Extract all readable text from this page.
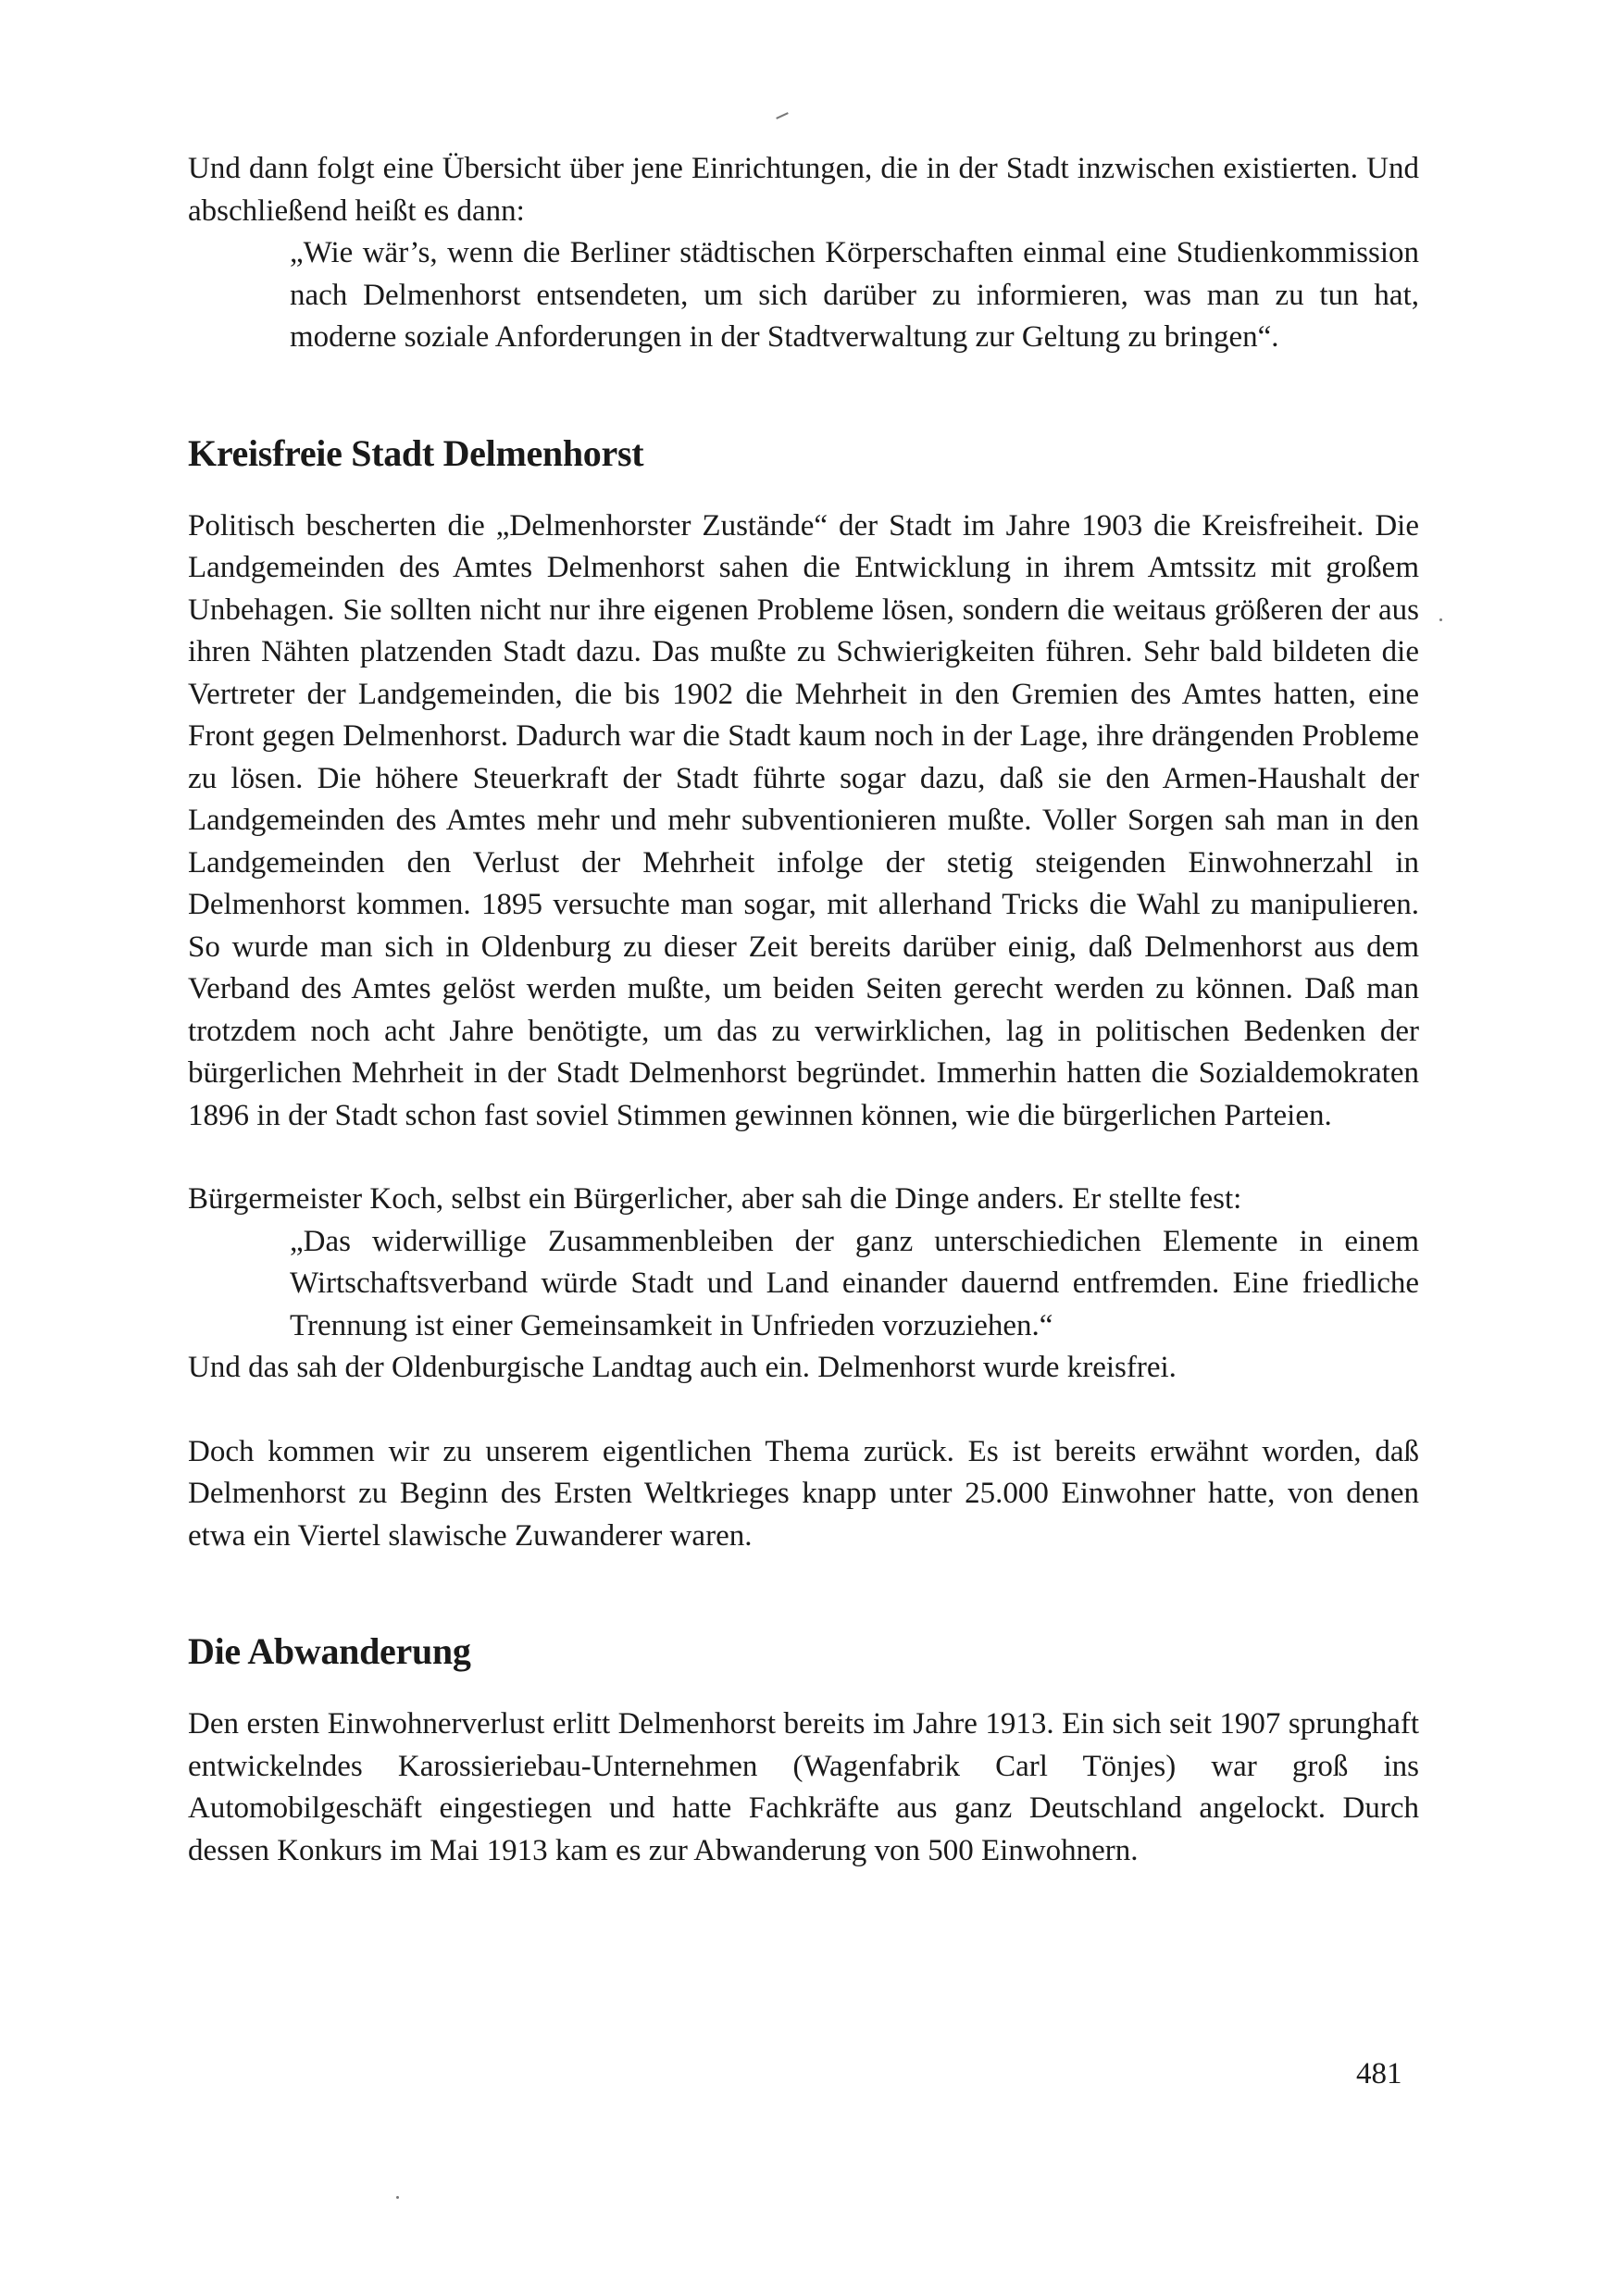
Und dann folgt eine Übersicht über jene Einrichtungen, die in der Stadt inzwischen existierten. Und abschließend heißt es dann:

„Wie wär’s, wenn die Berliner städtischen Körperschaften einmal eine Studienkommission nach Delmenhorst entsendeten, um sich darüber zu informieren, was man zu tun hat, moderne soziale Anforderungen in der Stadtverwaltung zur Geltung zu bringen“.

Kreisfreie Stadt Delmenhorst

Politisch bescherten die „Delmenhorster Zustände“ der Stadt im Jahre 1903 die Kreisfreiheit. Die Landgemeinden des Amtes Delmenhorst sahen die Entwicklung in ihrem Amtssitz mit großem Unbehagen. Sie sollten nicht nur ihre eigenen Probleme lösen, sondern die weitaus größeren der aus ihren Nähten platzenden Stadt dazu. Das mußte zu Schwierigkeiten führen. Sehr bald bildeten die Vertreter der Landgemeinden, die bis 1902 die Mehrheit in den Gremien des Amtes hatten, eine Front gegen Delmenhorst. Dadurch war die Stadt kaum noch in der Lage, ihre drängenden Probleme zu lösen. Die höhere Steuerkraft der Stadt führte sogar dazu, daß sie den Armen-Haushalt der Landgemeinden des Amtes mehr und mehr subventionieren mußte. Voller Sorgen sah man in den Landgemeinden den Verlust der Mehrheit infolge der stetig steigenden Einwohnerzahl in Delmenhorst kommen. 1895 versuchte man sogar, mit allerhand Tricks die Wahl zu manipulieren. So wurde man sich in Oldenburg zu dieser Zeit bereits darüber einig, daß Delmenhorst aus dem Verband des Amtes gelöst werden mußte, um beiden Seiten gerecht werden zu können. Daß man trotzdem noch acht Jahre benötigte, um das zu verwirklichen, lag in politischen Bedenken der bürgerlichen Mehrheit in der Stadt Delmenhorst begründet. Immerhin hatten die Sozialdemokraten 1896 in der Stadt schon fast soviel Stimmen gewinnen können, wie die bürgerlichen Parteien.

Bürgermeister Koch, selbst ein Bürgerlicher, aber sah die Dinge anders. Er stellte fest:

„Das widerwillige Zusammenbleiben der ganz unterschiedichen Elemente in einem Wirtschaftsverband würde Stadt und Land einander dauernd entfremden. Eine friedliche Trennung ist einer Gemeinsamkeit in Unfrieden vorzuziehen.“

Und das sah der Oldenburgische Landtag auch ein. Delmenhorst wurde kreisfrei.

Doch kommen wir zu unserem eigentlichen Thema zurück. Es ist bereits erwähnt worden, daß Delmenhorst zu Beginn des Ersten Weltkrieges knapp unter 25.000 Einwohner hatte, von denen etwa ein Viertel slawische Zuwanderer waren.

Die Abwanderung

Den ersten Einwohnerverlust erlitt Delmenhorst bereits im Jahre 1913. Ein sich seit 1907 sprunghaft entwickelndes Karossieriebau-Unternehmen (Wagenfabrik Carl Tönjes) war groß ins Automobilgeschäft eingestiegen und hatte Fachkräfte aus ganz Deutschland angelockt. Durch dessen Konkurs im Mai 1913 kam es zur Abwanderung von 500 Einwohnern.

481
